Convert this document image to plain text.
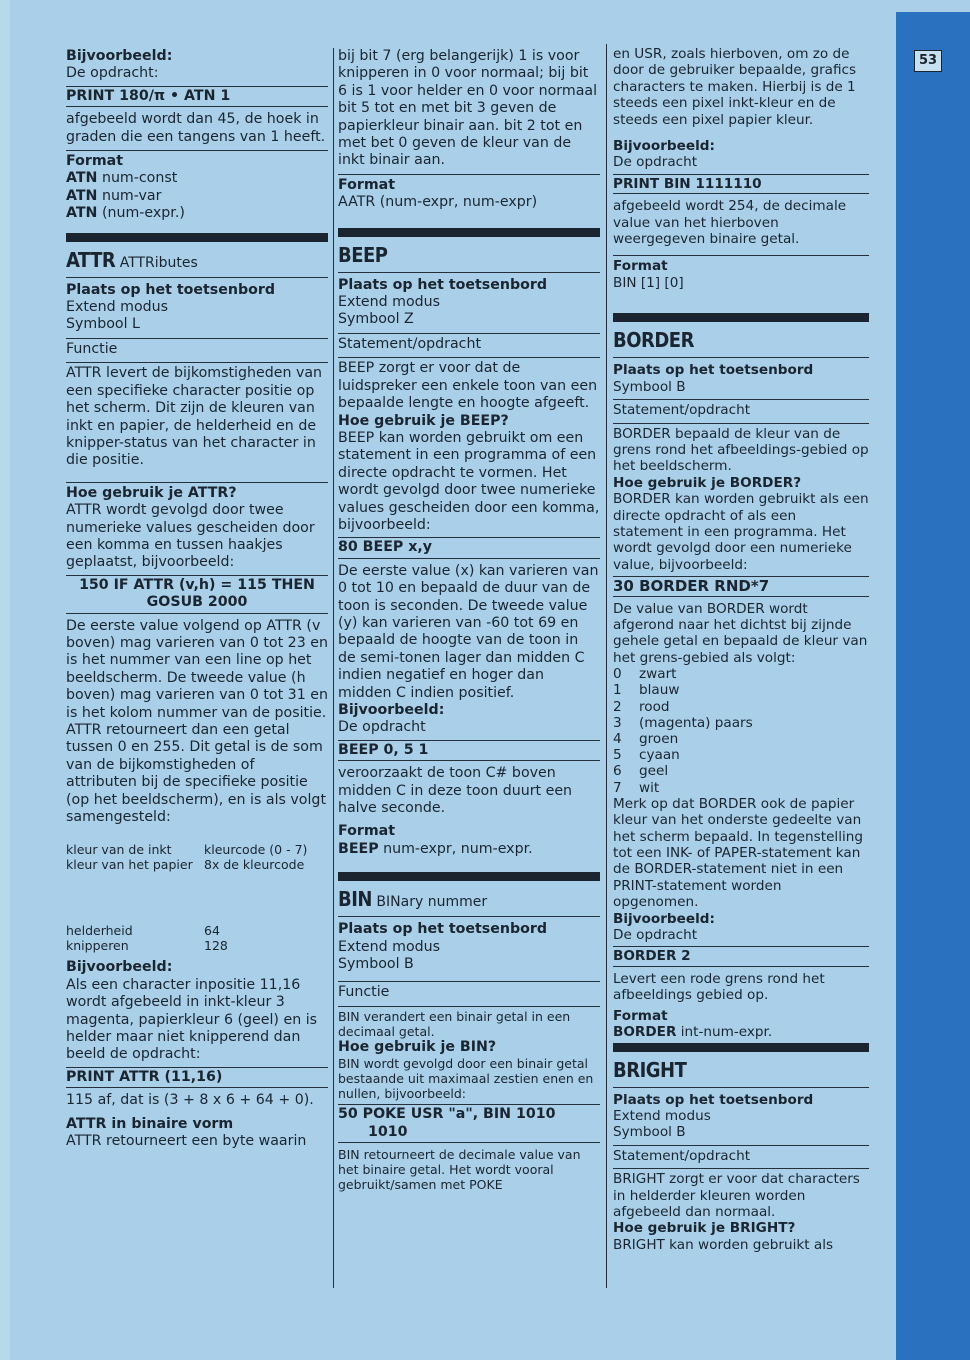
53
Bijvoorbeeld:
De opdracht:
PRINT 180/π • ATN 1
afgebeeld wordt dan 45, de hoek in graden die een tangens van 1 heeft.
Format
ATN num-const
ATN num-var
ATN (num-expr.)
ATTR ATTRibutes
Plaats op het toetsenbord
Extend modus
Symbool L
Functie
ATTR levert de bijkomstigheden van een specifieke character positie op het scherm. Dit zijn de kleuren van inkt en papier, de helderheid en de knipper-status van het character in die positie.
Hoe gebruik je ATTR?
ATTR wordt gevolgd door twee numerieke values gescheiden door een komma en tussen haakjes geplaatst, bijvoorbeeld:
150 IF ATTR (v,h) = 115 THEN
GOSUB 2000
De eerste value volgend op ATTR (v boven) mag varieren van 0 tot 23 en is het nummer van een line op het beeldscherm. De tweede value (h boven) mag varieren van 0 tot 31 en is het kolom nummer van de positie. ATTR retourneert dan een getal tussen 0 en 255. Dit getal is de som van de bijkomstigheden of attributen bij de specifieke positie (op het beeldscherm), en is als volgt samengesteld:
kleur van de inkt	kleurcode (0 - 7)
kleur van het papier 8x de kleurcode
helderheid	64
knipperen	128
Bijvoorbeeld:
Als een character inpositie 11,16 wordt afgebeeld in inkt-kleur 3 magenta, papierkleur 6 (geel) en is helder maar niet knipperend dan beeld de opdracht:
PRINT ATTR (11,16)
115 af, dat is (3 + 8 x 6 + 64 + 0).
ATTR in binaire vorm
ATTR retourneert een byte waarin
bij bit 7 (erg belangerijk) 1 is voor knipperen in 0 voor normaal; bij bit 6 is 1 voor helder en 0 voor normaal bit 5 tot en met bit 3 geven de papierkleur binair aan. bit 2 tot en met bet 0 geven de kleur van de inkt binair aan.
Format
AATR (num-expr, num-expr)
BEEP
Plaats op het toetsenbord
Extend modus
Symbool Z
Statement/opdracht
BEEP zorgt er voor dat de luidspreker een enkele toon van een bepaalde lengte en hoogte afgeeft.
Hoe gebruik je BEEP?
BEEP kan worden gebruikt om een statement in een programma of een directe opdracht te vormen. Het wordt gevolgd door twee numerieke values gescheiden door een komma, bijvoorbeeld:
80 BEEP x,y
De eerste value (x) kan varieren van 0 tot 10 en bepaald de duur van de toon is seconden. De tweede value (y) kan varieren van -60 tot 69 en bepaald de hoogte van de toon in de semi-tonen lager dan midden C indien negatief en hoger dan midden C indien positief.
Bijvoorbeeld:
De opdracht
BEEP 0, 5 1
veroorzaakt de toon C# boven midden C in deze toon duurt een halve seconde.
Format
BEEP num-expr, num-expr.
BIN BINary nummer
Plaats op het toetsenbord
Extend modus
Symbool B
Functie
BIN verandert een binair getal in een decimaal getal.
Hoe gebruik je BIN?
BIN wordt gevolgd door een binair getal bestaande uit maximaal zestien enen en nullen, bijvoorbeeld:
50 POKE USR "a", BIN 1010
1010
BIN retourneert de decimale value van het binaire getal. Het wordt vooral gebruikt/samen met POKE
en USR, zoals hierboven, om zo de door de gebruiker bepaalde, grafics characters te maken. Hierbij is de 1 steeds een pixel inkt-kleur en de steeds een pixel papier kleur.
Bijvoorbeeld:
De opdracht
PRINT BIN 1111110
afgebeeld wordt 254, de decimale value van het hierboven weergegeven binaire getal.
Format
BIN [1] [0]
BORDER
Plaats op het toetsenbord
Symbool B
Statement/opdracht
BORDER bepaald de kleur van de grens rond het afbeeldings-gebied op het beeldscherm.
Hoe gebruik je BORDER?
BORDER kan worden gebruikt als een directe opdracht of als een statement in een programma. Het wordt gevolgd door een numerieke value, bijvoorbeeld:
30 BORDER RND*7
De value van BORDER wordt afgerond naar het dichtst bij zijnde gehele getal en bepaald de kleur van het grens-gebied als volgt:
0	zwart
1	blauw
2	rood
3	(magenta) paars
4	groen
5	cyaan
6	geel
7	wit
Merk op dat BORDER ook de papier kleur van het onderste gedeelte van het scherm bepaald. In tegenstelling tot een INK- of PAPER-statement kan de BORDER-statement niet in een PRINT-statement worden opgenomen.
Bijvoorbeeld:
De opdracht
BORDER 2
Levert een rode grens rond het afbeeldings gebied op.
Format
BORDER int-num-expr.
BRIGHT
Plaats op het toetsenbord
Extend modus
Symbool B
Statement/opdracht
BRIGHT zorgt er voor dat characters in helderder kleuren worden afgebeeld dan normaal.
Hoe gebruik je BRIGHT?
BRIGHT kan worden gebruikt als
